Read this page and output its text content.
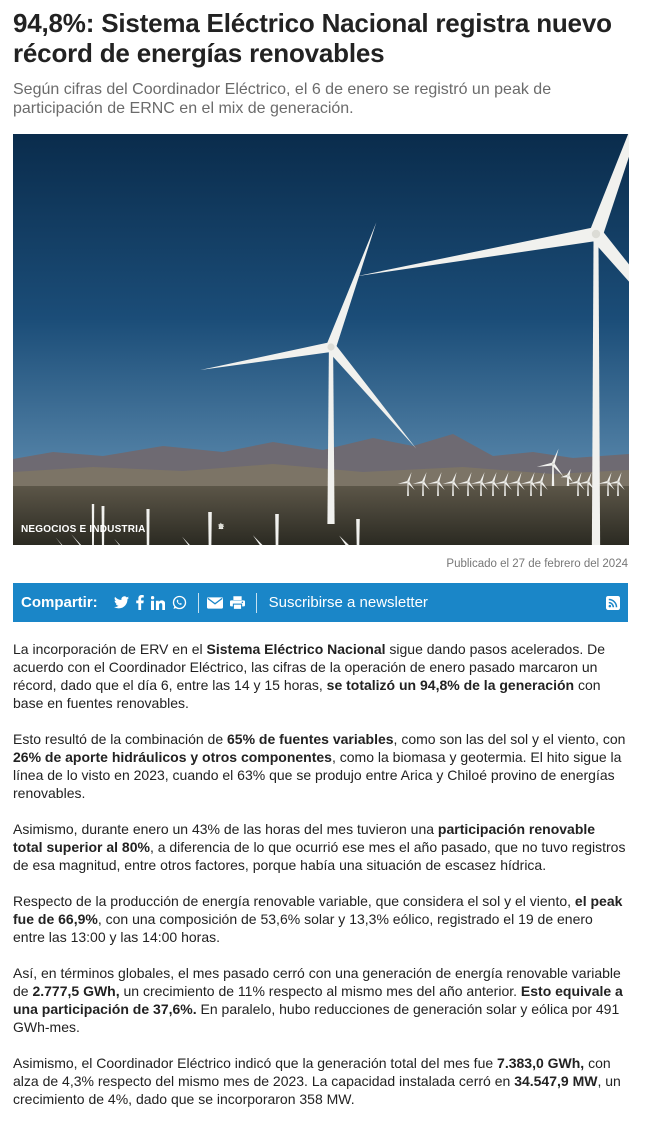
94,8%: Sistema Eléctrico Nacional registra nuevo récord de energías renovables

Según cifras del Coordinador Eléctrico, el 6 de enero se registró un peak de participación de ERNC en el mix de generación.

NEGOCIOS E INDUSTRIA
Publicado el 27 de febrero del 2024
Compartir:	Suscribirse a newsletter

La incorporación de ERV en el Sistema Eléctrico Nacional sigue dando pasos acelerados. De acuerdo con el Coordinador Eléctrico, las cifras de la operación de enero pasado marcaron un récord, dado que el día 6, entre las 14 y 15 horas, se totalizó un 94,8% de la generación con base en fuentes renovables.

Esto resultó de la combinación de 65% de fuentes variables, como son las del sol y el viento, con 26% de aporte hidráulicos y otros componentes, como la biomasa y geotermia. El hito sigue la línea de lo visto en 2023, cuando el 63% que se produjo entre Arica y Chiloé provino de energías renovables.

Asimismo, durante enero un 43% de las horas del mes tuvieron una participación renovable total superior al 80%, a diferencia de lo que ocurrió ese mes el año pasado, que no tuvo registros de esa magnitud, entre otros factores, porque había una situación de escasez hídrica.

Respecto de la producción de energía renovable variable, que considera el sol y el viento, el peak fue de 66,9%, con una composición de 53,6% solar y 13,3% eólico, registrado el 19 de enero entre las 13:00 y las 14:00 horas.

Así, en términos globales, el mes pasado cerró con una generación de energía renovable variable de 2.777,5 GWh, un crecimiento de 11% respecto al mismo mes del año anterior. Esto equivale a una participación de 37,6%. En paralelo, hubo reducciones de generación solar y eólica por 491 GWh-mes.

Asimismo, el Coordinador Eléctrico indicó que la generación total del mes fue 7.383,0 GWh, con alza de 4,3% respecto del mismo mes de 2023. La capacidad instalada cerró en 34.547,9 MW, un crecimiento de 4%, dado que se incorporaron 358 MW.
